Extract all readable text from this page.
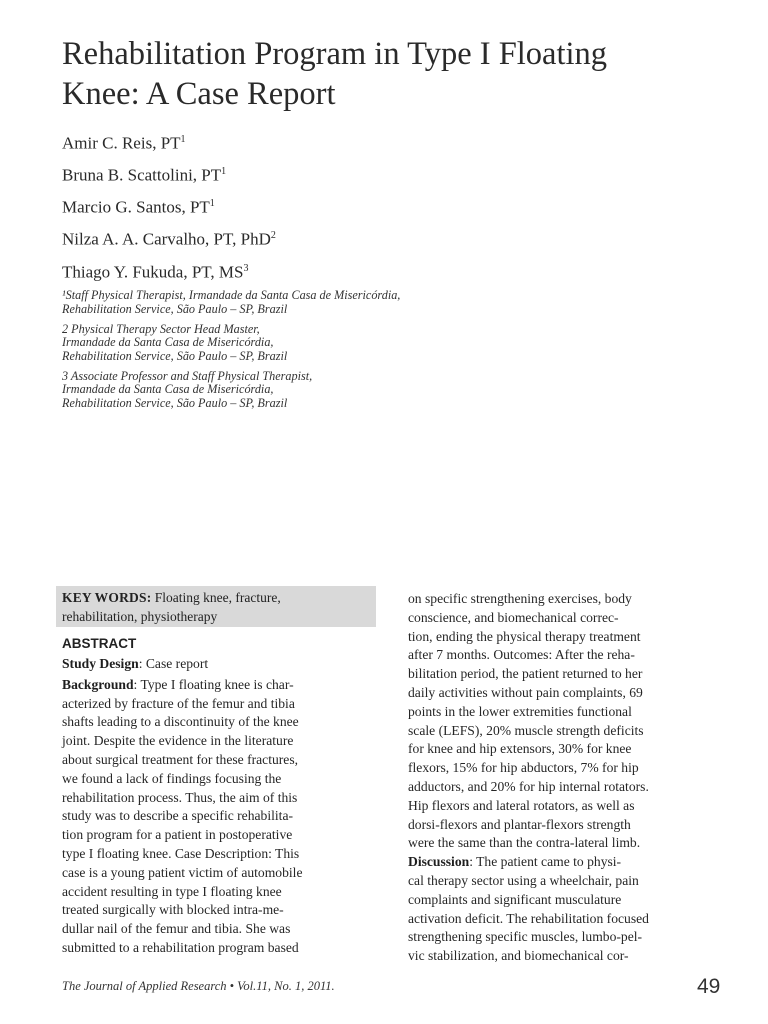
Rehabilitation Program in Type I Floating
Knee: A Case Report
Amir C. Reis, $PT^1$
Bruna B. Scattolini, $PT^1$
Marcio G. Santos, $PT^1$
Nilza A. A. Carvalho, PT, PhD$^2$
Thiago Y. Fukuda, PT, $MS^3$
¹Staff Physical Therapist, Irmandade da Santa Casa de Misericórdia,
Rehabilitation Service, São Paulo – SP, Brazil
2 Physical Therapy Sector Head Master,
Irmandade da Santa Casa de Misericórdia,
Rehabilitation Service, São Paulo – SP, Brazil
3 Associate Professor and Staff Physical Therapist,
Irmandade da Santa Casa de Misericórdia,
Rehabilitation Service, São Paulo – SP, Brazil
KEY WORDS: Floating knee, fracture,
rehabilitation, physiotherapy
ABSTRACT

Study Design: Case report

Background: Type I floating knee is char-
acterized by fracture of the femur and tibia
shafts leading to a discontinuity of the knee
joint. Despite the evidence in the literature
about surgical treatment for these fractures,
we found a lack of findings focusing the
rehabilitation process. Thus, the aim of this
study was to describe a specific rehabilita-
tion program for a patient in postoperative
type I floating knee. Case Description: This
case is a young patient victim of automobile
accident resulting in type I floating knee
treated surgically with blocked intra-me-
dullar nail of the femur and tibia. She was
submitted to a rehabilitation program based

on specific strengthening exercises, body
conscience, and biomechanical correc-
tion, ending the physical therapy treatment
after 7 months. Outcomes: After the reha-
bilitation period, the patient returned to her
daily activities without pain complaints, 69
points in the lower extremities functional
scale (LEFS), 20% muscle strength deficits
for knee and hip extensors, 30% for knee
flexors, 15% for hip abductors, 7% for hip
adductors, and 20% for hip internal rotators.
Hip flexors and lateral rotators, as well as
dorsi-flexors and plantar-flexors strength
were the same than the contra-lateral limb.

Discussion: The patient came to physi-
cal therapy sector using a wheelchair, pain
complaints and significant musculature
activation deficit. The rehabilitation focused
strengthening specific muscles, lumbo-pel-
vic stabilization, and biomechanical cor-

The Journal of Applied Research • Vol.11, No. 1, 2011.	49
